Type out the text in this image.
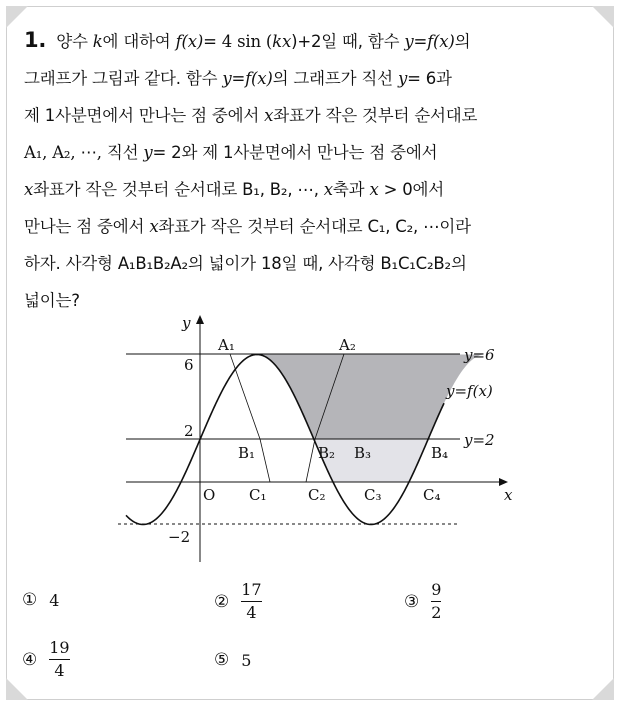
1. 양수 k에 대하여 f(x)= 4 sin (kx)+2일 때, 함수 y=f(x)의
그래프가 그림과 같다. 함수 y=f(x)의 그래프가 직선 y= 6과
제 1사분면에서 만나는 점 중에서 x좌표가 작은 것부터 순서대로
A₁, A₂, ⋯, 직선 y= 2와 제 1사분면에서 만나는 점 중에서
x좌표가 작은 것부터 순서대로 B₁, B₂, ⋯, x축과 x > 0에서
만나는 점 중에서 x좌표가 작은 것부터 순서대로 C₁, C₂, ⋯이라
하자. 사각형 A₁B₁B₂A₂의 넓이가 18일 때, 사각형 B₁C₁C₂B₂의
넓이는?
y
x
O
6
2
−2
y=6
y=f(x)
y=2
A₁	A₂
B₁	B₂ B₃	B₄
C₁	C₂	C₃	C₄
① 4	② $\frac{17}{4}$	③ $\frac{9}{2}$
④ $\frac{19}{4}$	⑤ 5
